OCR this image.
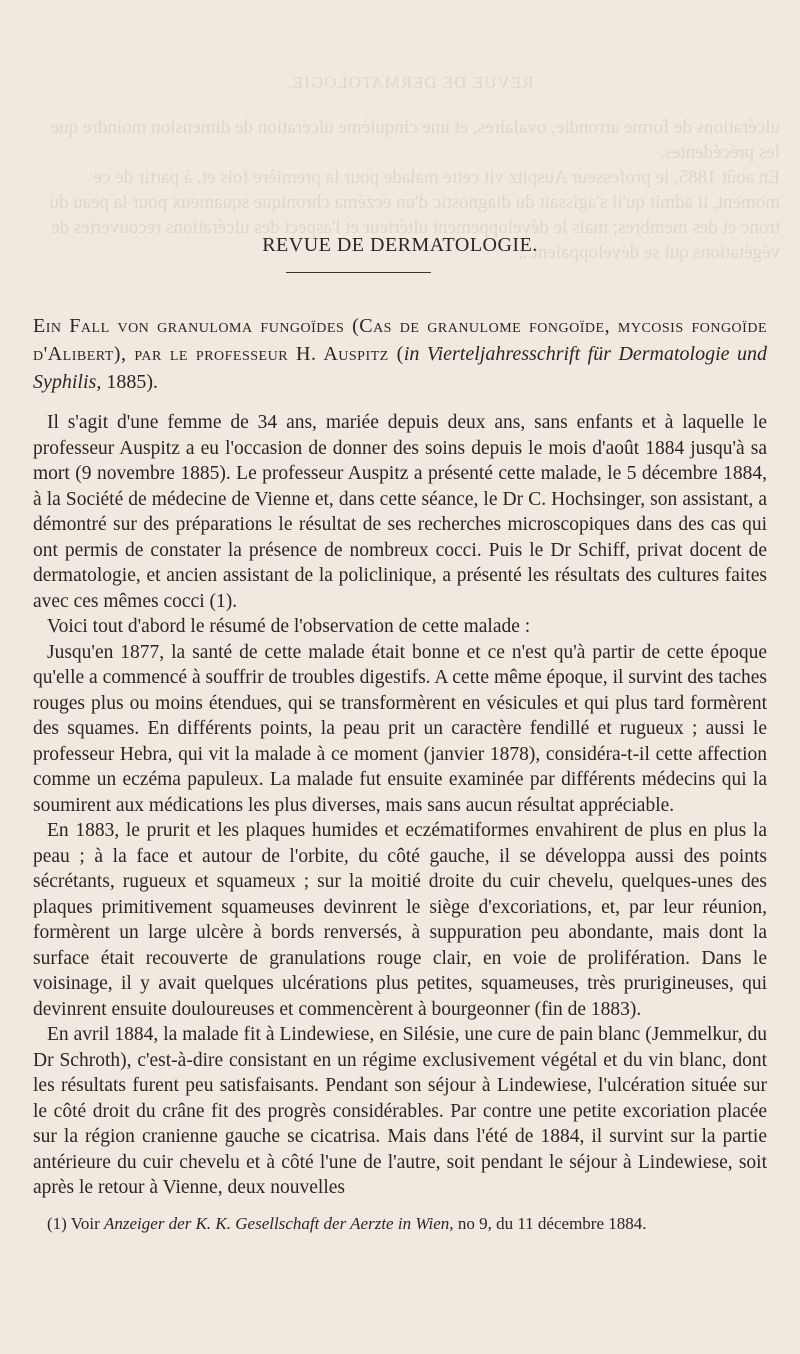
REVUE DE DERMATOLOGIE.
ulcérations de forme arrondie, ovalaires, et une cinquième ulcération de dimension moindre que les précédentes.
En août 1885, le professeur Auspitz vit cette malade pour la première fois et, à partir de ce moment, il admit qu'il s'agissait du diagnostic d'un eczéma chronique squameux pour la peau du tronc et des membres; mais le développement ultérieur et l'aspect des ulcérations recouvertes de végétations qui se développaient...
REVUE DE DERMATOLOGIE.
Ein Fall von granuloma fungoïdes (Cas de granulome fongoïde, mycosis fongoïde d'Alibert), par le professeur H. Auspitz (in Vierteljahresschrift für Dermatologie und Syphilis, 1885).

Il s'agit d'une femme de 34 ans, mariée depuis deux ans, sans enfants et à laquelle le professeur Auspitz a eu l'occasion de donner des soins depuis le mois d'août 1884 jusqu'à sa mort (9 novembre 1885). Le professeur Auspitz a présenté cette malade, le 5 décembre 1884, à la Société de médecine de Vienne et, dans cette séance, le Dr C. Hochsinger, son assistant, a démontré sur des préparations le résultat de ses recherches microscopiques dans des cas qui ont permis de constater la présence de nombreux cocci. Puis le Dr Schiff, privat docent de dermatologie, et ancien assistant de la policlinique, a présenté les résultats des cultures faites avec ces mêmes cocci (1).

Voici tout d'abord le résumé de l'observation de cette malade :

Jusqu'en 1877, la santé de cette malade était bonne et ce n'est qu'à partir de cette époque qu'elle a commencé à souffrir de troubles digestifs. A cette même époque, il survint des taches rouges plus ou moins étendues, qui se transformèrent en vésicules et qui plus tard formèrent des squames. En différents points, la peau prit un caractère fendillé et rugueux ; aussi le professeur Hebra, qui vit la malade à ce moment (janvier 1878), considéra-t-il cette affection comme un eczéma papuleux. La malade fut ensuite examinée par différents médecins qui la soumirent aux médications les plus diverses, mais sans aucun résultat appréciable.

En 1883, le prurit et les plaques humides et eczématiformes envahirent de plus en plus la peau ; à la face et autour de l'orbite, du côté gauche, il se développa aussi des points sécrétants, rugueux et squameux ; sur la moitié droite du cuir chevelu, quelques-unes des plaques primitivement squameuses devinrent le siège d'excoriations, et, par leur réunion, formèrent un large ulcère à bords renversés, à suppuration peu abondante, mais dont la surface était recouverte de granulations rouge clair, en voie de prolifération. Dans le voisinage, il y avait quelques ulcérations plus petites, squameuses, très prurigineuses, qui devinrent ensuite douloureuses et commencèrent à bourgeonner (fin de 1883).

En avril 1884, la malade fit à Lindewiese, en Silésie, une cure de pain blanc (Jemmelkur, du Dr Schroth), c'est-à-dire consistant en un régime exclusivement végétal et du vin blanc, dont les résultats furent peu satisfaisants. Pendant son séjour à Lindewiese, l'ulcération située sur le côté droit du crâne fit des progrès considérables. Par contre une petite excoriation placée sur la région cranienne gauche se cicatrisa. Mais dans l'été de 1884, il survint sur la partie antérieure du cuir chevelu et à côté l'une de l'autre, soit pendant le séjour à Lindewiese, soit après le retour à Vienne, deux nouvelles

(1) Voir Anzeiger der K. K. Gesellschaft der Aerzte in Wien, no 9, du 11 décembre 1884.
